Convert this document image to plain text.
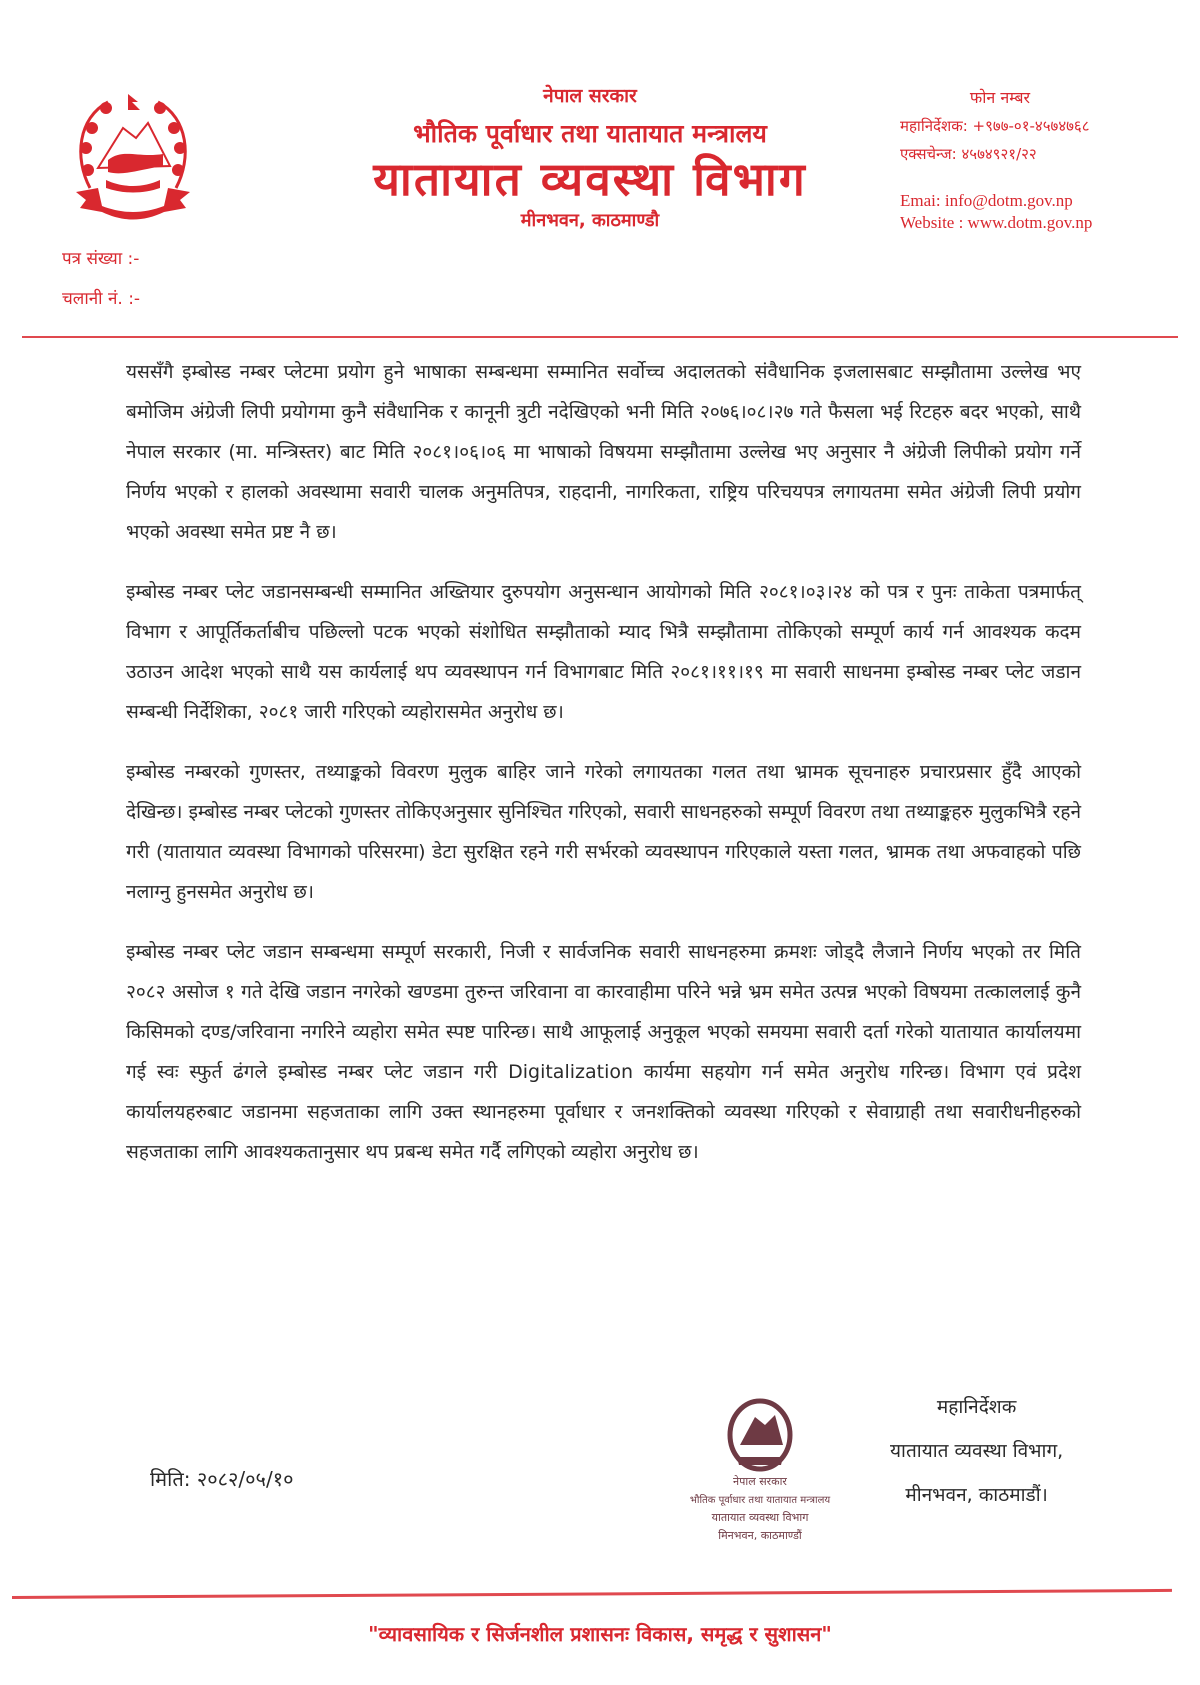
नेपाल सरकार
भौतिक पूर्वाधार तथा यातायात मन्त्रालय
यातायात व्यवस्था विभाग
मीनभवन, काठमाण्डौ
फोन नम्बर
महानिर्देशक: +९७७-०१-४५७४७६८
एक्सचेन्ज: ४५७४९२१/२२
Emai: info@dotm.gov.np
Website : www.dotm.gov.np
पत्र संख्या :-
चलानी नं. :-

यससँगै इम्बोस्ड नम्बर प्लेटमा प्रयोग हुने भाषाका सम्बन्धमा सम्मानित सर्वोच्च अदालतको संवैधानिक इजलासबाट सम्झौतामा उल्लेख भए बमोजिम अंग्रेजी लिपी प्रयोगमा कुनै संवैधानिक र कानूनी त्रुटी नदेखिएको भनी मिति २०७६।०८।२७ गते फैसला भई रिटहरु बदर भएको, साथै नेपाल सरकार (मा. मन्त्रिस्तर) बाट मिति २०८१।०६।०६ मा भाषाको विषयमा सम्झौतामा उल्लेख भए अनुसार नै अंग्रेजी लिपीको प्रयोग गर्ने निर्णय भएको र हालको अवस्थामा सवारी चालक अनुमतिपत्र, राहदानी, नागरिकता, राष्ट्रिय परिचयपत्र लगायतमा समेत अंग्रेजी लिपी प्रयोग भएको अवस्था समेत प्रष्ट नै छ।

इम्बोस्ड नम्बर प्लेट जडानसम्बन्धी सम्मानित अख्तियार दुरुपयोग अनुसन्धान आयोगको मिति २०८१।०३।२४ को पत्र र पुनः ताकेता पत्रमार्फत् विभाग र आपूर्तिकर्ताबीच पछिल्लो पटक भएको संशोधित सम्झौताको म्याद भित्रै सम्झौतामा तोकिएको सम्पूर्ण कार्य गर्न आवश्यक कदम उठाउन आदेश भएको साथै यस कार्यलाई थप व्यवस्थापन गर्न विभागबाट मिति २०८१।११।१९ मा सवारी साधनमा इम्बोस्ड नम्बर प्लेट जडान सम्बन्धी निर्देशिका, २०८१ जारी गरिएको व्यहोरासमेत अनुरोध छ।

इम्बोस्ड नम्बरको गुणस्तर, तथ्याङ्कको विवरण मुलुक बाहिर जाने गरेको लगायतका गलत तथा भ्रामक सूचनाहरु प्रचारप्रसार हुँदै आएको देखिन्छ। इम्बोस्ड नम्बर प्लेटको गुणस्तर तोकिएअनुसार सुनिश्चित गरिएको, सवारी साधनहरुको सम्पूर्ण विवरण तथा तथ्याङ्कहरु मुलुकभित्रै रहने गरी (यातायात व्यवस्था विभागको परिसरमा) डेटा सुरक्षित रहने गरी सर्भरको व्यवस्थापन गरिएकाले यस्ता गलत, भ्रामक तथा अफवाहको पछि नलाग्नु हुनसमेत अनुरोध छ।

इम्बोस्ड नम्बर प्लेट जडान सम्बन्धमा सम्पूर्ण सरकारी, निजी र सार्वजनिक सवारी साधनहरुमा क्रमशः जोड्दै लैजाने निर्णय भएको तर मिति २०८२ असोज १ गते देखि जडान नगरेको खण्डमा तुरुन्त जरिवाना वा कारवाहीमा परिने भन्ने भ्रम समेत उत्पन्न भएको विषयमा तत्काललाई कुनै किसिमको दण्ड/जरिवाना नगरिने व्यहोरा समेत स्पष्ट पारिन्छ। साथै आफूलाई अनुकूल भएको समयमा सवारी दर्ता गरेको यातायात कार्यालयमा गई स्वः स्फुर्त ढंगले इम्बोस्ड नम्बर प्लेट जडान गरी Digitalization कार्यमा सहयोग गर्न समेत अनुरोध गरिन्छ। विभाग एवं प्रदेश कार्यालयहरुबाट जडानमा सहजताका लागि उक्त स्थानहरुमा पूर्वाधार र जनशक्तिको व्यवस्था गरिएको र सेवाग्राही तथा सवारीधनीहरुको सहजताका लागि आवश्यकतानुसार थप प्रबन्ध समेत गर्दै लगिएको व्यहोरा अनुरोध छ।

मिति: २०८२/०५/१०	नेपाल सरकार
भौतिक पूर्वाधार तथा यातायात मन्त्रालय
यातायात व्यवस्था विभाग
मिनभवन, काठमाण्डौं
महानिर्देशक
यातायात व्यवस्था विभाग,
मीनभवन, काठमाडौं।
"व्यावसायिक र सिर्जनशील प्रशासनः विकास, समृद्ध र सुशासन"
